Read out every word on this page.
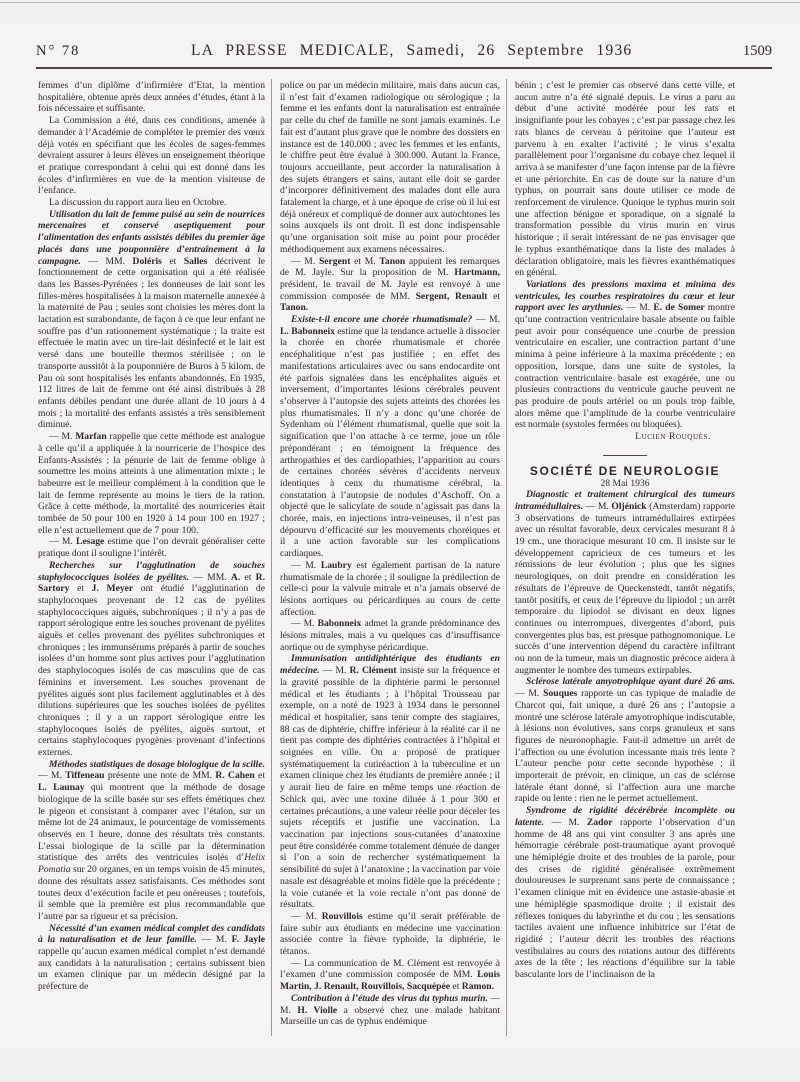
N° 78	LA PRESSE MEDICALE, Samedi, 26 Septembre 1936	1509

femmes d’un diplôme d’infirmière d’Etat, la mention hospitalière, obtenue après deux années d’études, étant à la fois nécessaire et suffisante.

La Commission a été, dans ces conditions, amenée à demander à l’Académie de compléter le premier des vœux déjà votés en spécifiant que les écoles de sages-femmes devraient assurer à leurs élèves un enseignement théorique et pratique correspondant à celui qui est donné dans les écoles d’infirmières en vue de la mention visiteuse de l’enfance.

La discussion du rapport aura lieu en Octobre.

Utilisation du lait de femme puisé au sein de nourrices mercenaires et conservé aseptiquement pour l’alimentation des enfants assistés débiles du premier âge placés dans une pouponnière d’entraînement à la campagne. — MM. Doléris et Salles décrivent le fonctionnement de cette organisation qui a été réalisée dans les Basses-Pyrénées ; les donneuses de lait sont les filles-mères hospitalisées à la maison maternelle annexée à la maternité de Pau ; seules sont choisies les mères dont la lactation est surabondante, de façon à ce que leur enfant ne souffre pas d’un rationnement systématique ; la traite est effectuée le matin avec un tire-lait désinfecté et le lait est versé dans une bouteille thermos stérilisée ; on le transporte aussitôt à la pouponnière de Buros à 5 kilom. de Pau où sont hospitalisés les enfants abandonnés. En 1935, 112 litres de lait de femme ont été ainsi distribués à 28 enfants débiles pendant une durée allant de 10 jours à 4 mois ; la mortalité des enfants assistés a très sensiblement diminué.

— M. Marfan rappelle que cette méthode est analogue à celle qu’il a appliquée à la nourricerie de l’hospice des Enfants-Assistés ; la pénurie de lait de femme oblige à soumettre les moins atteints à une alimentation mixte ; le babeurre est le meilleur complément à la condition que le lait de femme représente au moins le tiers de la ration. Grâce à cette méthode, la mortalité des nourriceries était tombée de 50 pour 100 en 1920 à 14 pour 100 en 1927 ; elle n’est actuellement que de 7 pour 100.

— M. Lesage estime que l’on devrait généraliser cette pratique dont il souligne l’intérêt.

Recherches sur l’agglutination de souches staphylococciques isolées de pyélites. — MM. A. et R. Sartory et J. Meyer ont étudié l’agglutination de staphylocoques provenant de 12 cas de pyélites staphylococciques aiguës, subchroniques ; il n’y a pas de rapport sérologique entre les souches provenant de pyélites aiguës et celles provenant des pyélites subchroniques et chroniques ; les immunsérums préparés à partir de souches isolées d’un homme sont plus actives pour l’agglutination des staphylocoques isolés de cas masculins que de cas féminins et inversement. Les souches provenant de pyélites aiguës sont plus facilement agglutinables et à des dilutions supérieures que les souches isolées de pyélites chroniques ; il y a un rapport sérologique entre les staphylocoques isolés de pyélites, aiguës surtout, et certains staphylocoques pyogènes provenant d’infections externes.

Méthodes statistiques de dosage biologique de la scille. — M. Tiffeneau présente une note de MM. R. Cahen et L. Launay qui montrent que la méthode de dosage biologique de la scille basée sur ses effets émétiques chez le pigeon et consistant à comparer avec l’étalon, sur un même lot de 24 animaux, le pourcentage de vomissements observés en 1 heure, donne des résultats très constants. L’essai biologique de la scille par la détermination statistique des arrêts des ventricules isolés d’Helix Pomatia sur 20 organes, en un temps voisin de 45 minutes, donne des résultats assez satisfaisants. Ces méthodes sont toutes deux d’exécution facile et peu onéreuses ; toutefois, il semble que la première est plus recommandable que l’autre par sa rigueur et sa précision.

Nécessité d’un examen médical complet des candidats à la naturalisation et de leur famille. — M. F. Jayle rappelle qu’aucun examen médical complet n’est demandé aux candidats à la naturalisation ; certains subissent bien un examen clinique par un médecin désigné par la préfecture de

police ou par un médecin militaire, mais dans aucun cas, il n’est fait d’examen radiologique ou sérologique ; la femme et les enfants dont la naturalisation est entraînée par celle du chef de famille ne sont jamais examinés. Le fait est d’autant plus grave que le nombre des dossiers en instance est de 140.000 ; avec les femmes et les enfants, le chiffre peut être évalué à 300.000. Autant la France, toujours accueillante, peut accorder la naturalisation à des sujets étrangers et sains, autant elle doit se garder d’incorporer définitivement des malades dont elle aura fatalement la charge, et à une époque de crise où il lui est déjà onéreux et compliqué de donner aux autochtones les soins auxquels ils ont droit. Il est donc indispensable qu’une organisation soit mise au point pour procéder méthodiquement aux examens nécessaires.

— M. Sergent et M. Tanon appuient les remarques de M. Jayle. Sur la proposition de M. Hartmann, président, le travail de M. Jayle est renvoyé à une commission composée de MM. Sergent, Renault et Tanon.

Existe-t-il encore une chorée rhumatismale? — M. L. Babonneix estime que la tendance actuelle à dissocier la chorée en chorée rhumatismale et chorée encéphalitique n’est pas justifiée ; en effet des manifestations articulaires avec ou sans endocardite ont été parfois signalées dans les encéphalites aiguës et inversement, d’importantes lésions cérébrales peuvent s’observer à l’autopsie des sujets atteints des chorées les plus rhumatismales. Il n’y a donc qu’une chorée de Sydenham où l’élément rhumatismal, quelle que soit la signification que l’on attache à ce terme, joue un rôle prépondérant ; en témoignent la fréquence des arthropathies et des cardiopathies, l’apparition au cours de certaines chorées sévères d’accidents nerveux identiques à ceux du rhumatisme cérébral, la constatation à l’autopsie de nodules d’Aschoff. On a objecté que le salicylate de soude n’agissait pas dans la chorée, mais, en injections intra-veineuses, il n’est pas dépourvu d’efficacité sur les mouvements choréiques et il a une action favorable sur les complications cardiaques.

— M. Laubry est également partisan de la nature rhumatismale de la chorée ; il souligne la prédilection de celle-ci pour la valvule mitrale et n’a jamais observé de lésions aortiques ou péricardiques au cours de cette affection.

— M. Babonneix admet la grande prédominance des lésions mitrales, mais a vu quelques cas d’insuffisance aortique ou de symphyse péricardique.

Immunisation antidiphtérique des étudiants en médecine. — M. R. Clément insiste sur la fréquence et la gravité possible de la diphtérie parmi le personnel médical et les étudiants ; à l’hôpital Trousseau par exemple, on a noté de 1923 à 1934 dans le personnel médical et hospitalier, sans tenir compte des stagiaires, 88 cas de diphtérie, chiffre inférieur à la réalité car il ne tient pas compte des diphtéries contractées à l’hôpital et soignées en ville. On a proposé de pratiquer systématiquement la cutiréaction à la tuberculine et un examen clinique chez les étudiants de première année ; il y aurait lieu de faire en même temps une réaction de Schick qui, avec une toxine diluée à 1 pour 300 et certaines précautions, a une valeur réelle pour déceler les sujets réceptifs et justifie une vaccination. La vaccination par injections sous-cutanées d’anatoxine peut être considérée comme totalement dénuée de danger si l’on a soin de rechercher systématiquement la sensibilité du sujet à l’anatoxine ; la vaccination par voie nasale est désagréable et moins fidèle que la précédente ; la voie cutanée et la voie rectale n’ont pas donné de résultats.

— M. Rouvillois estime qu’il serait préférable de faire subir aux étudiants en médecine une vaccination associée contre la fièvre typhoïde, la diphtérie, le tétanos.

— La communication de M. Clément est renvoyée à l’examen d’une commission composée de MM. Louis Martin, J. Renault, Rouvillois, Sacquépée et Ramon.

Contribution à l’étude des virus du typhus murin. — M. H. Violle a observé chez une malade habitant Marseille un cas de typhus endémique

bénin ; c’est le premier cas observé dans cette ville, et aucun autre n’a été signalé depuis. Le virus a paru au début d’une activité modérée pour les rats et insignifiante pour les cobayes ; c’est par passage chez les rats blancs de cerveau à péritoine que l’auteur est parvenu à en exalter l’activité ; le virus s’exalta parallèlement pour l’organisme du cobaye chez lequel il arriva à se manifester d’une façon intense par de la fièvre et une périorchite. En cas de doute sur la nature d’un typhus, on pourrait sans doute utiliser ce mode de renforcement de virulence. Quoique le typhus murin soit une affection bénigne et sporadique, on a signalé la transformation possible du virus murin en virus historique ; il serait intéressant de ne pas envisager que le typhus exanthématique dans la liste des malades à déclaration obligatoire, mais les fièvres exanthématiques en général.

Variations des pressions maxima et minima des ventricules, les courbes respiratoires du cœur et leur rapport avec les arythmies. — M. E. de Somer montre qu’une contraction ventriculaire basale absente ou faible peut avoir pour conséquence une courbe de pression ventriculaire en escalier, une contraction partant d’une minima à peine inférieure à la maxima précédente ; en opposition, lorsque, dans une suite de systoles, la contraction ventriculaire basale est exagérée, une ou plusieurs contractions du ventricule gauche peuvent ne pas produire de pouls artériel ou un pouls trop faible, alors même que l’amplitude de la courbe ventriculaire est normale (systoles fermées ou bloquées).

Lucien Rouquès.

SOCIÉTÉ DE NEUROLOGIE

28 Mai 1936

Diagnostic et traitement chirurgical des tumeurs intramédullaires. — M. Oljénick (Amsterdam) rapporte 3 observations de tumeurs intramédullaires extirpées avec un résultat favorable, deux cervicales mesurant 8 à 19 cm., une thoracique mesurant 10 cm. Il insiste sur le développement capricieux de ces tumeurs et les rémissions de leur évolution ; plus que les signes neurologiques, on doit prendre en considération les résultats de l’épreuve de Queckenstedt, tantôt négatifs, tantôt positifs, et ceux de l’épreuve du lipiodol ; un arrêt temporaire du lipiodol se divisant en deux lignes continues ou interrompues, divergentes d’abord, puis convergentes plus bas, est presque pathognomonique. Le succès d’une intervention dépend du caractère infiltrant ou non de la tumeur, mais un diagnostic précoce aidera à augmenter le nombre des tumeurs extirpables.

Sclérose latérale amyotrophique ayant duré 26 ans. — M. Souques rapporte un cas typique de maladie de Charcot qui, fait unique, a duré 26 ans ; l’autopsie a montré une sclérose latérale amyotrophique indiscutable, à lésions non évolutives, sans corps granuleux et sans figures de neuronophagie. Faut-il admettre un arrêt de l’affection ou une évolution incessante mais très lente ? L’auteur penche pour cette seconde hypothèse ; il importerait de prévoir, en clinique, un cas de sclérose latérale étant donné, si l’affection aura une marche rapide ou lente : rien ne le permet actuellement.

Syndrome de rigidité décérébrée incomplète ou latente. — M. Zador rapporte l’observation d’un homme de 48 ans qui vint consulter 3 ans après une hémorragie cérébrale post-traumatique ayant provoqué une hémiplégie droite et des troubles de la parole, pour des crises de rigidité généralisée extrêmement douloureuses le surprenant sans perte de connaissance ; l’examen clinique mit en évidence une astasie-abasie et une hémiplégie spasmodique droite ; il existait des réflexes toniques du labyrinthe et du cou ; les sensations tactiles avaient une influence inhibitrice sur l’état de rigidité ; l’auteur décrit les troubles des réactions vestibulaires au cours des rotations autour des différents axes de la tête ; les réactions d’équilibre sur la table basculante lors de l’inclinaison de la
